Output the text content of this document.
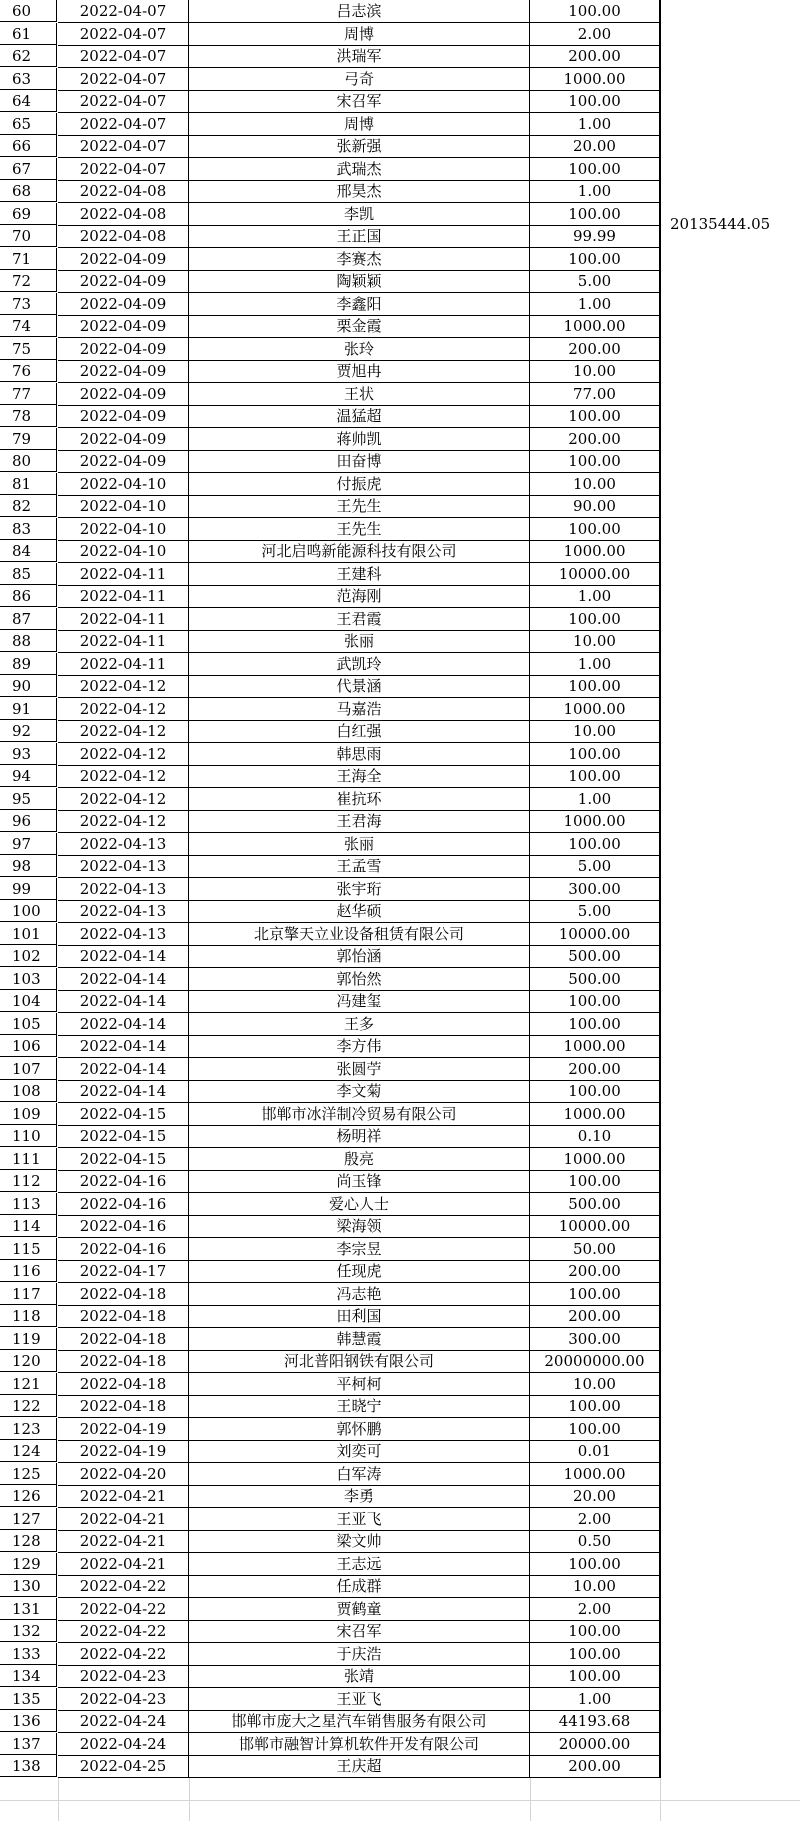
60	2022-04-07	吕志滨	100.00
61	2022-04-07	周博	2.00
62	2022-04-07	洪瑞军	200.00
63	2022-04-07	弓奇	1000.00
64	2022-04-07	宋召军	100.00
65	2022-04-07	周博	1.00
66	2022-04-07	张新强	20.00
67	2022-04-07	武瑞杰	100.00
68	2022-04-08	邢昊杰	1.00
69	2022-04-08	李凯	100.00
70	2022-04-08	王正国	99.99
71	2022-04-09	李赛杰	100.00
72	2022-04-09	陶颖颖	5.00
73	2022-04-09	李鑫阳	1.00
74	2022-04-09	栗金霞	1000.00
75	2022-04-09	张玲	200.00
76	2022-04-09	贾旭冉	10.00
77	2022-04-09	王状	77.00
78	2022-04-09	温猛超	100.00
79	2022-04-09	蒋帅凯	200.00
80	2022-04-09	田奋博	100.00
81	2022-04-10	付振虎	10.00
82	2022-04-10	王先生	90.00
83	2022-04-10	王先生	100.00
84	2022-04-10	河北启鸣新能源科技有限公司	1000.00
85	2022-04-11	王建科	10000.00
86	2022-04-11	范海刚	1.00
87	2022-04-11	王君霞	100.00
88	2022-04-11	张丽	10.00
89	2022-04-11	武凯玲	1.00
90	2022-04-12	代景涵	100.00
91	2022-04-12	马嘉浩	1000.00
92	2022-04-12	白红强	10.00
93	2022-04-12	韩思雨	100.00
94	2022-04-12	王海全	100.00
95	2022-04-12	崔抗环	1.00
96	2022-04-12	王君海	1000.00
97	2022-04-13	张丽	100.00
98	2022-04-13	王孟雪	5.00
99	2022-04-13	张宇珩	300.00
100	2022-04-13	赵华硕	5.00
101	2022-04-13	北京擎天立业设备租赁有限公司	10000.00
102	2022-04-14	郭怡涵	500.00
103	2022-04-14	郭怡然	500.00
104	2022-04-14	冯建玺	100.00
105	2022-04-14	王多	100.00
106	2022-04-14	李方伟	1000.00
107	2022-04-14	张圆苧	200.00
108	2022-04-14	李文菊	100.00
109	2022-04-15	邯郸市冰洋制冷贸易有限公司	1000.00
110	2022-04-15	杨明祥	0.10
111	2022-04-15	殷亮	1000.00
112	2022-04-16	尚玉锋	100.00
113	2022-04-16	爱心人士	500.00
114	2022-04-16	梁海领	10000.00
115	2022-04-16	李宗昱	50.00
116	2022-04-17	任现虎	200.00
117	2022-04-18	冯志艳	100.00
118	2022-04-18	田利国	200.00
119	2022-04-18	韩慧霞	300.00
120	2022-04-18	河北普阳钢铁有限公司	20000000.00
121	2022-04-18	平柯柯	10.00
122	2022-04-18	王晓宁	100.00
123	2022-04-19	郭怀鹏	100.00
124	2022-04-19	刘奕可	0.01
125	2022-04-20	白军涛	1000.00
126	2022-04-21	李勇	20.00
127	2022-04-21	王亚飞	2.00
128	2022-04-21	梁文帅	0.50
129	2022-04-21	王志远	100.00
130	2022-04-22	任成群	10.00
131	2022-04-22	贾鹤童	2.00
132	2022-04-22	宋召军	100.00
133	2022-04-22	于庆浩	100.00
134	2022-04-23	张靖	100.00
135	2022-04-23	王亚飞	1.00
136	2022-04-24	邯郸市庞大之星汽车销售服务有限公司	44193.68
137	2022-04-24	邯郸市融智计算机软件开发有限公司	20000.00
138	2022-04-25	王庆超	200.00
20135444.05
